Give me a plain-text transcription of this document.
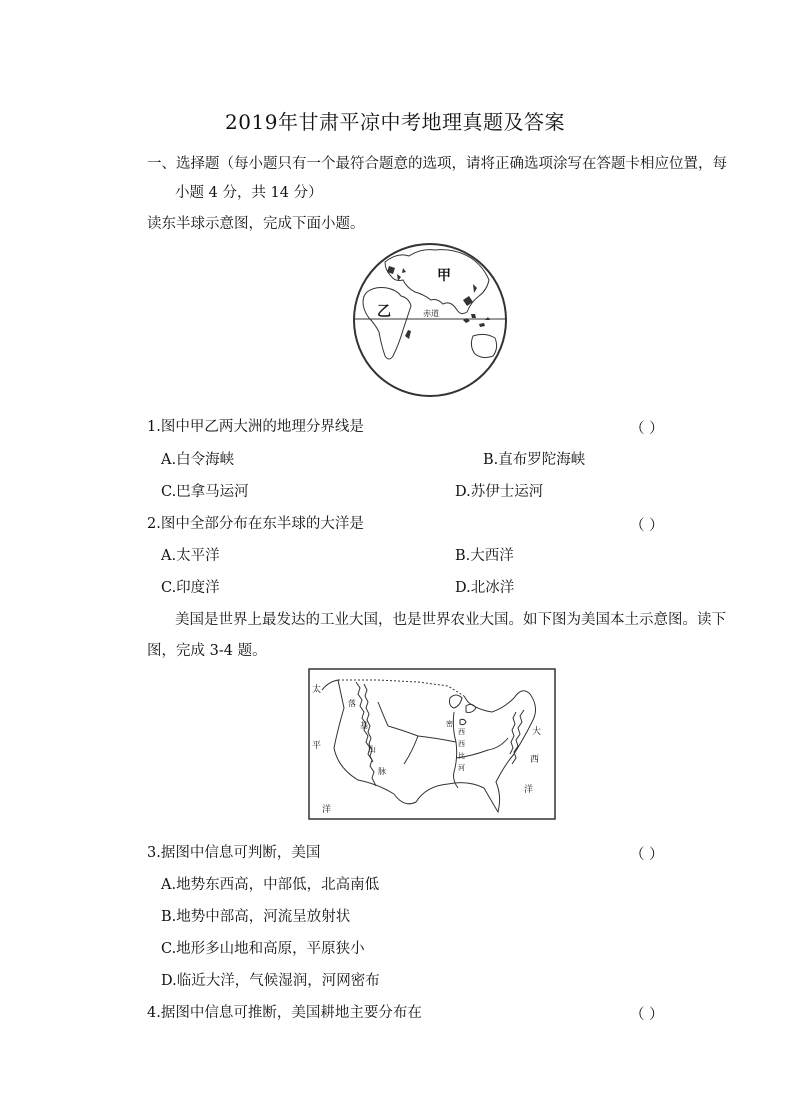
2019年甘肃平凉中考地理真题及答案
一、选择题（每小题只有一个最符合题意的选项，请将正确选项涂写在答题卡相应位置，每
小题 4 分，共 14 分）
读东半球示意图，完成下面小题。
甲
乙	赤道
1.图中甲乙两大洲的地理分界线是	（ ）
A.白令海峡	B.直布罗陀海峡
C.巴拿马运河	D.苏伊士运河
2.图中全部分布在东半球的大洋是	（ ）
A.太平洋	B.大西洋
C.印度洋	D.北冰洋
美国是世界上最发达的工业大国，也是世界农业大国。如下图为美国本土示意图。读下
图，完成 3-4 题。
太
平
洋
落
基
山
脉
密
西
西
比
河
大
西
洋
3.据图中信息可判断，美国	（ ）
A.地势东西高，中部低，北高南低
B.地势中部高，河流呈放射状
C.地形多山地和高原，平原狭小
D.临近大洋，气候湿润，河网密布
4.据图中信息可推断，美国耕地主要分布在	（ ）
